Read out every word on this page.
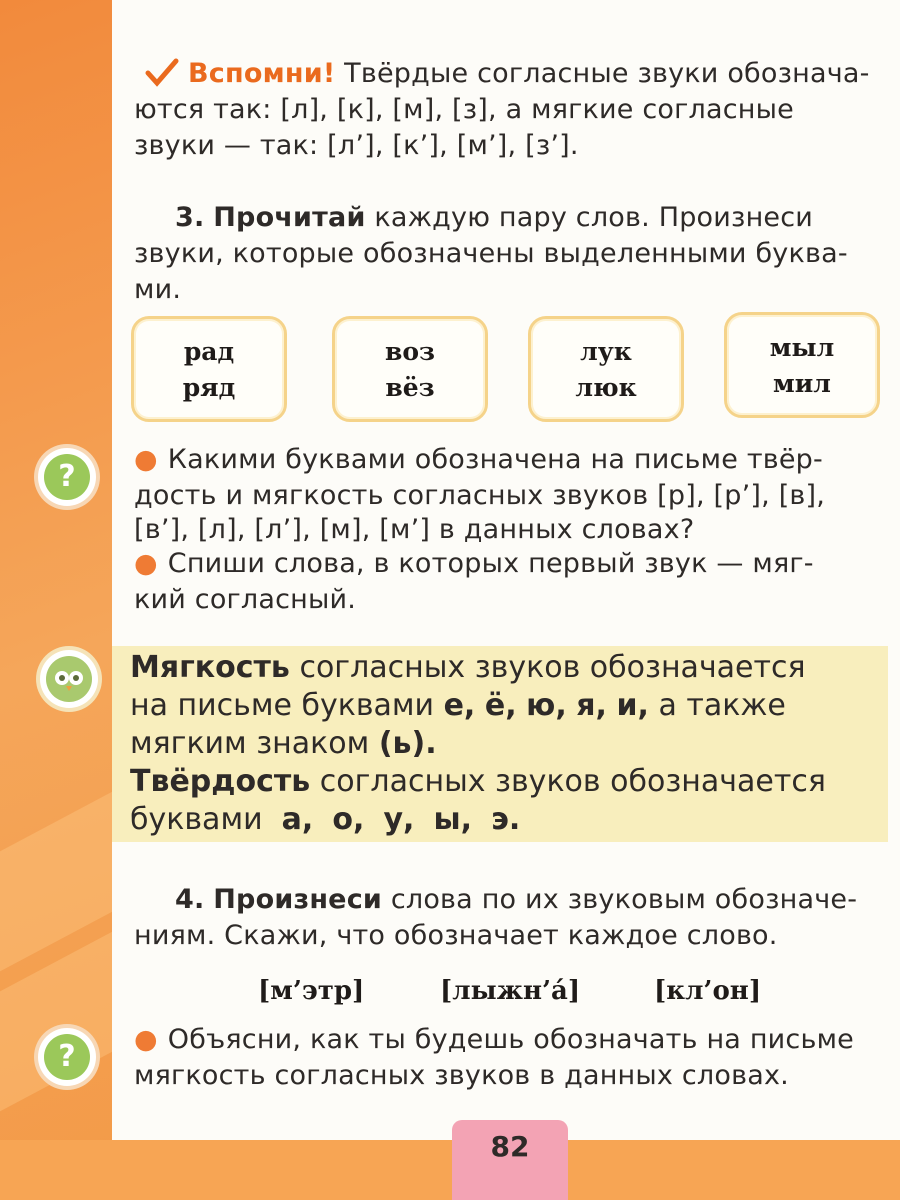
Вспомни! Твёрдые согласные звуки обознача-

ются так: [л], [к], [м], [з], а мягкие согласные

звуки — так: [л’], [к’], [м’], [з’].

3. Прочитай каждую пару слов. Произнеси

звуки, которые обозначены выделенными буква-

ми.

рад
ряд
воз
вёз
лук
люк
мыл
мил
?	● Какими буквами обозначена на письме твёр-

дость и мягкость согласных звуков [р], [р’], [в],

[в’], [л], [л’], [м], [м’] в данных словах?

● Спиши слова, в которых первый звук — мяг-

кий согласный.

Мягкость согласных звуков обозначается

на письме буквами е, ё, ю, я, и, а также

мягким знаком (ь).

Твёрдость согласных звуков обозначается

буквами а, о, у, ы, э.

4. Произнеси слова по их звуковым обозначе-

ниям. Скажи, что обозначает каждое слово.

[м’этр]	[лыжн’а́]	[кл’он]
?	● Объясни, как ты будешь обозначать на письме

мягкость согласных звуков в данных словах.

82
